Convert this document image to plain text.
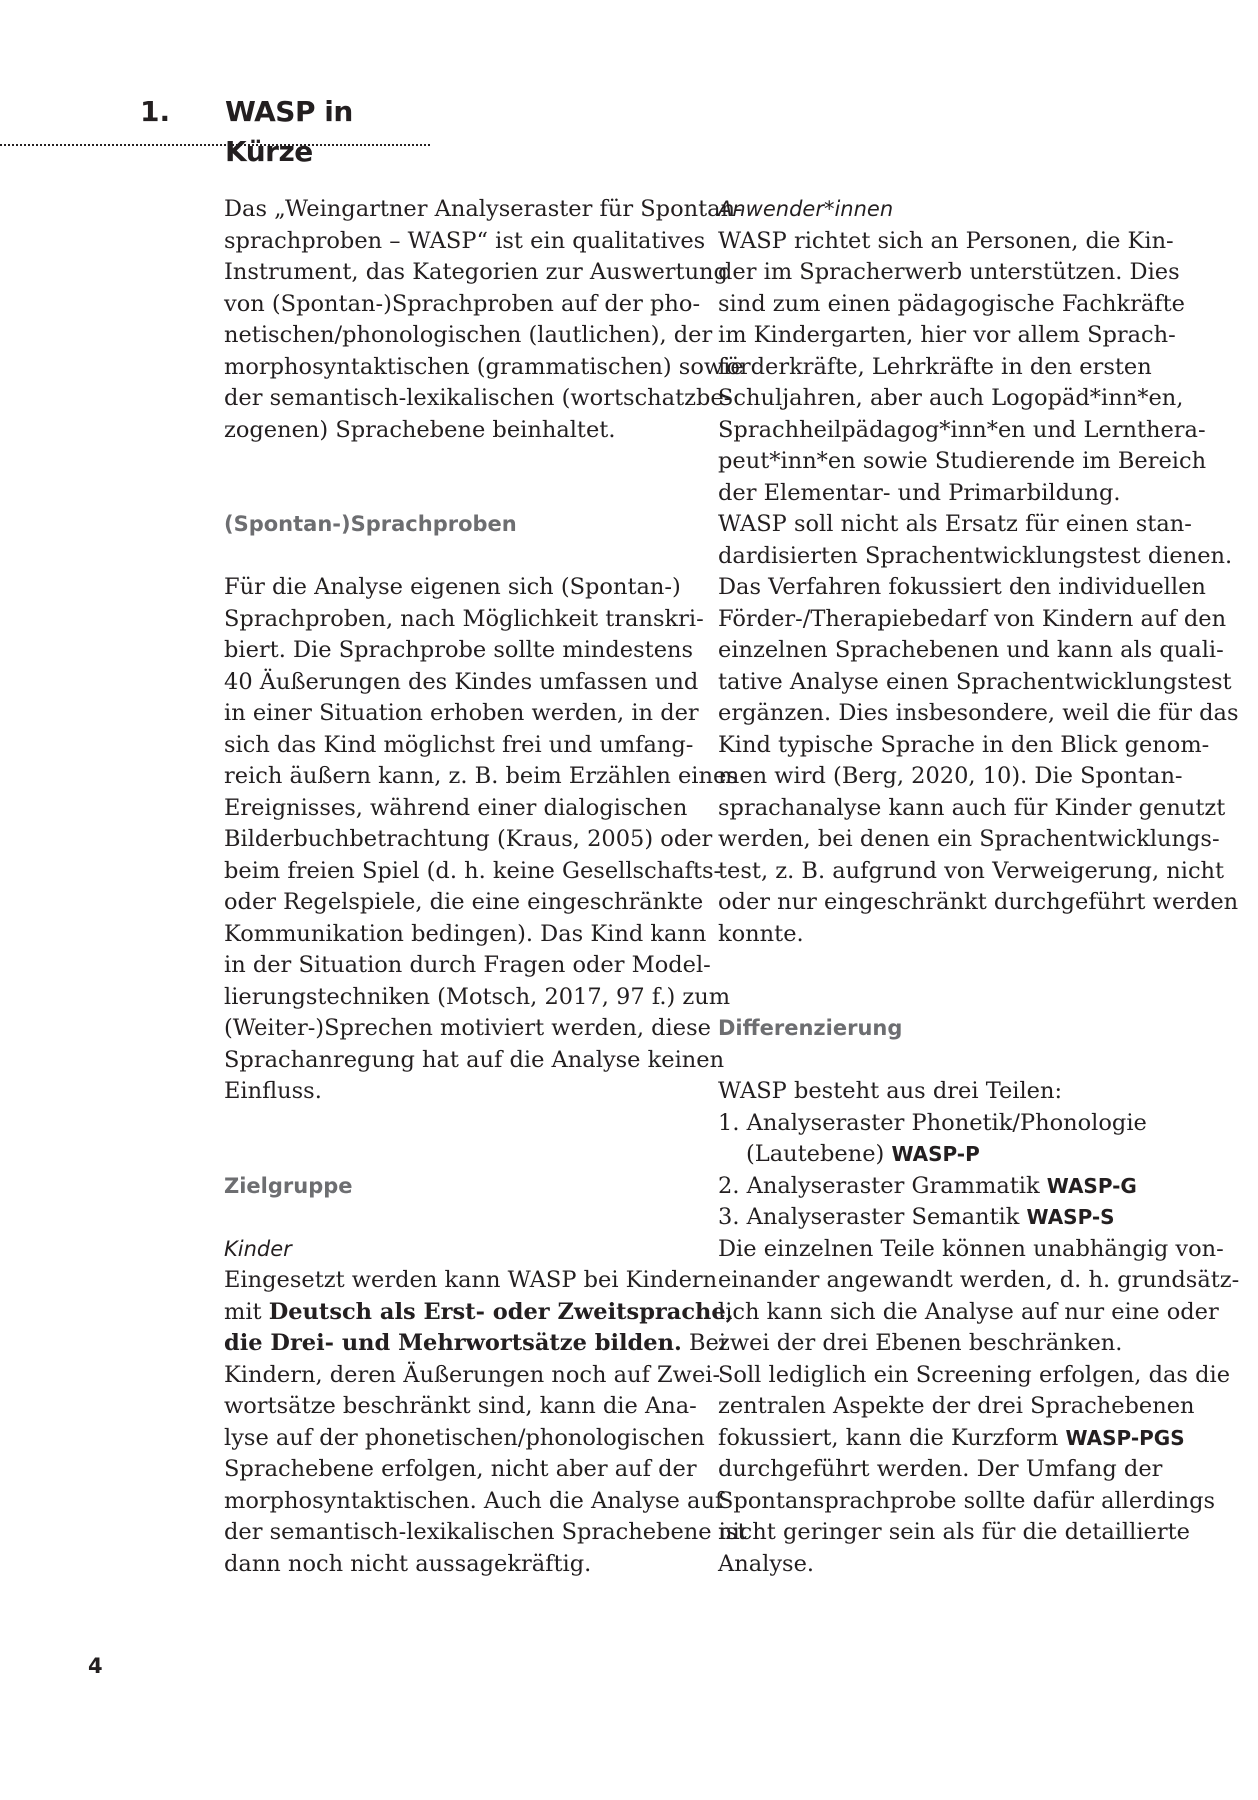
1. WASP in Kürze

Das „Weingartner Analyseraster für Spontan-
sprachproben – WASP“ ist ein qualitatives
Instrument, das Kategorien zur Auswertung
von (Spontan-)Sprachproben auf der pho-
netischen/phonologischen (lautlichen), der
morphosyntaktischen (grammatischen) sowie
der semantisch-lexikalischen (wortschatzbe-
zogenen) Sprachebene beinhaltet.

(Spontan-)Sprachproben

Für die Analyse eigenen sich (Spontan-)
Sprachproben, nach Möglichkeit transkri-
biert. Die Sprachprobe sollte mindestens
40 Äußerungen des Kindes umfassen und
in einer Situation erhoben werden, in der
sich das Kind möglichst frei und umfang-
reich äußern kann, z. B. beim Erzählen eines
Ereignisses, während einer dialogischen
Bilderbuchbetrachtung (Kraus, 2005) oder
beim freien Spiel (d. h. keine Gesellschafts-
oder Regelspiele, die eine eingeschränkte
Kommunikation bedingen). Das Kind kann
in der Situation durch Fragen oder Model-
lierungstechniken (Motsch, 2017, 97 f.) zum
(Weiter-)Sprechen motiviert werden, diese
Sprachanregung hat auf die Analyse keinen
Einfluss.

Zielgruppe

Kinder

Eingesetzt werden kann WASP bei Kindern
mit Deutsch als Erst- oder Zweitsprache,
die Drei- und Mehrwortsätze bilden. Bei
Kindern, deren Äußerungen noch auf Zwei-
wortsätze beschränkt sind, kann die Ana-
lyse auf der phonetischen/phonologischen
Sprachebene erfolgen, nicht aber auf der
morphosyntaktischen. Auch die Analyse auf
der semantisch-lexikalischen Sprachebene ist
dann noch nicht aussagekräftig.

Anwender*innen

WASP richtet sich an Personen, die Kin-
der im Spracherwerb unterstützen. Dies
sind zum einen pädagogische Fachkräfte
im Kindergarten, hier vor allem Sprach-
förderkräfte, Lehrkräfte in den ersten
Schuljahren, aber auch Logopäd*inn*en,
Sprachheilpädagog*inn*en und Lernthera-
peut*inn*en sowie Studierende im Bereich
der Elementar- und Primarbildung.
WASP soll nicht als Ersatz für einen stan-
dardisierten Sprachentwicklungstest dienen.
Das Verfahren fokussiert den individuellen
Förder-/Therapiebedarf von Kindern auf den
einzelnen Sprachebenen und kann als quali-
tative Analyse einen Sprachentwicklungstest
ergänzen. Dies insbesondere, weil die für das
Kind typische Sprache in den Blick genom-
men wird (Berg, 2020, 10). Die Spontan-
sprachanalyse kann auch für Kinder genutzt
werden, bei denen ein Sprachentwicklungs-
test, z. B. aufgrund von Verweigerung, nicht
oder nur eingeschränkt durchgeführt werden
konnte.

Differenzierung

WASP besteht aus drei Teilen:
1. Analyseraster Phonetik/Phonologie
(Lautebene) WASP-P
2. Analyseraster Grammatik WASP-G
3. Analyseraster Semantik WASP-S
Die einzelnen Teile können unabhängig von-
einander angewandt werden, d. h. grundsätz-
lich kann sich die Analyse auf nur eine oder
zwei der drei Ebenen beschränken.
Soll lediglich ein Screening erfolgen, das die
zentralen Aspekte der drei Sprachebenen
fokussiert, kann die Kurzform WASP-PGS
durchgeführt werden. Der Umfang der
Spontansprachprobe sollte dafür allerdings
nicht geringer sein als für die detaillierte
Analyse.

4
